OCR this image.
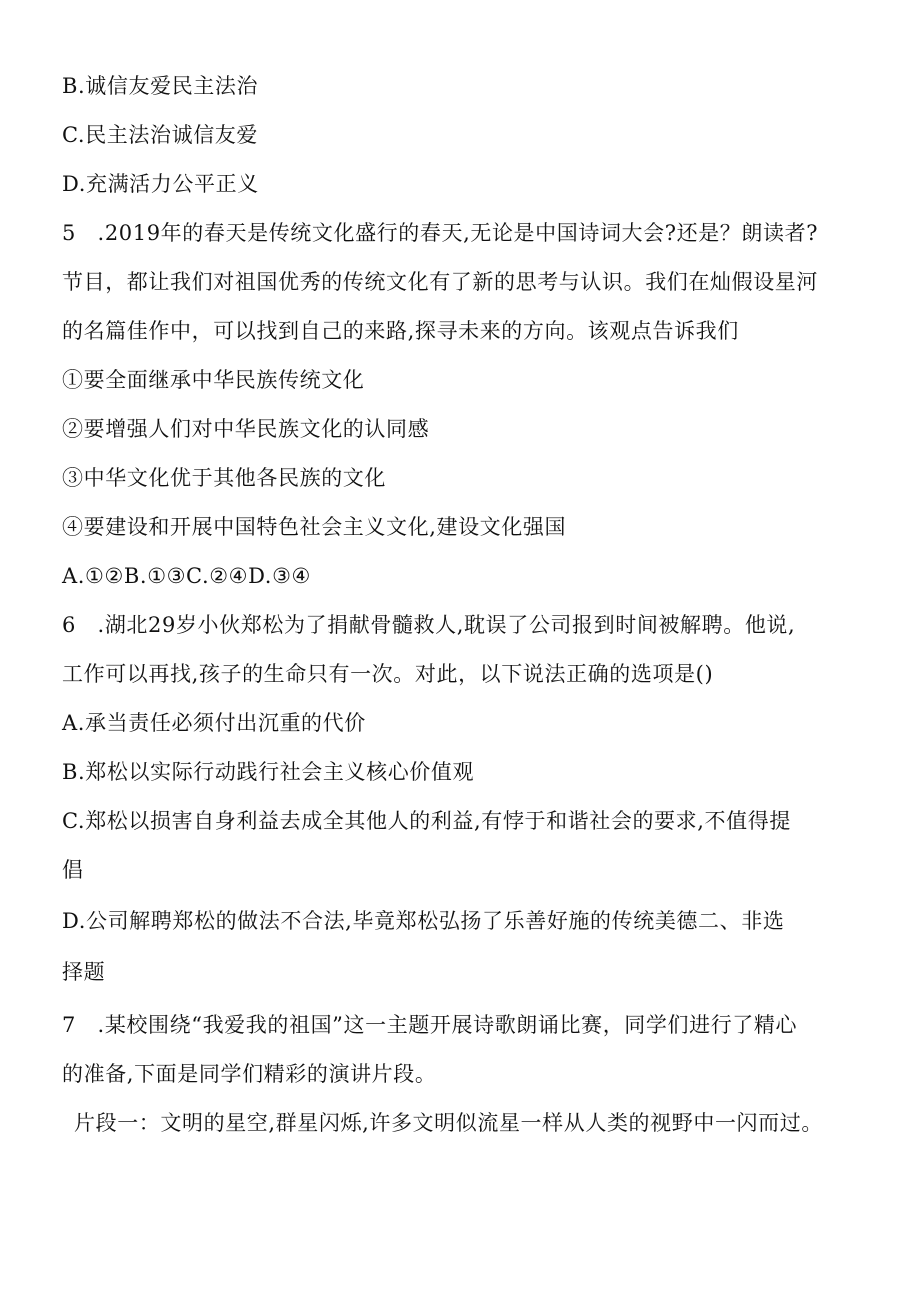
B.诚信友爱民主法治
C.民主法治诚信友爱
D.充满活力公平正义
5　.2019年的春天是传统文化盛行的春天,无论是中国诗词大会?还是？朗读者?
节目，都让我们对祖国优秀的传统文化有了新的思考与认识。我们在灿假设星河
的名篇佳作中，可以找到自己的来路,探寻未来的方向。该观点告诉我们
①要全面继承中华民族传统文化
②要增强人们对中华民族文化的认同感
③中华文化优于其他各民族的文化
④要建设和开展中国特色社会主义文化,建设文化强国
A.①②B.①③C.②④D.③④
6　.湖北29岁小伙郑松为了捐献骨髓救人,耽误了公司报到时间被解聘。他说,
工作可以再找,孩子的生命只有一次。对此，以下说法正确的选项是()
A.承当责任必须付出沉重的代价
B.郑松以实际行动践行社会主义核心价值观
C.郑松以损害自身利益去成全其他人的利益,有悖于和谐社会的要求,不值得提
倡
D.公司解聘郑松的做法不合法,毕竟郑松弘扬了乐善好施的传统美德二、非选
择题
7　.某校围绕“我爱我的祖国”这一主题开展诗歌朗诵比赛，同学们进行了精心
的准备,下面是同学们精彩的演讲片段。
片段一：文明的星空,群星闪烁,许多文明似流星一样从人类的视野中一闪而过。
